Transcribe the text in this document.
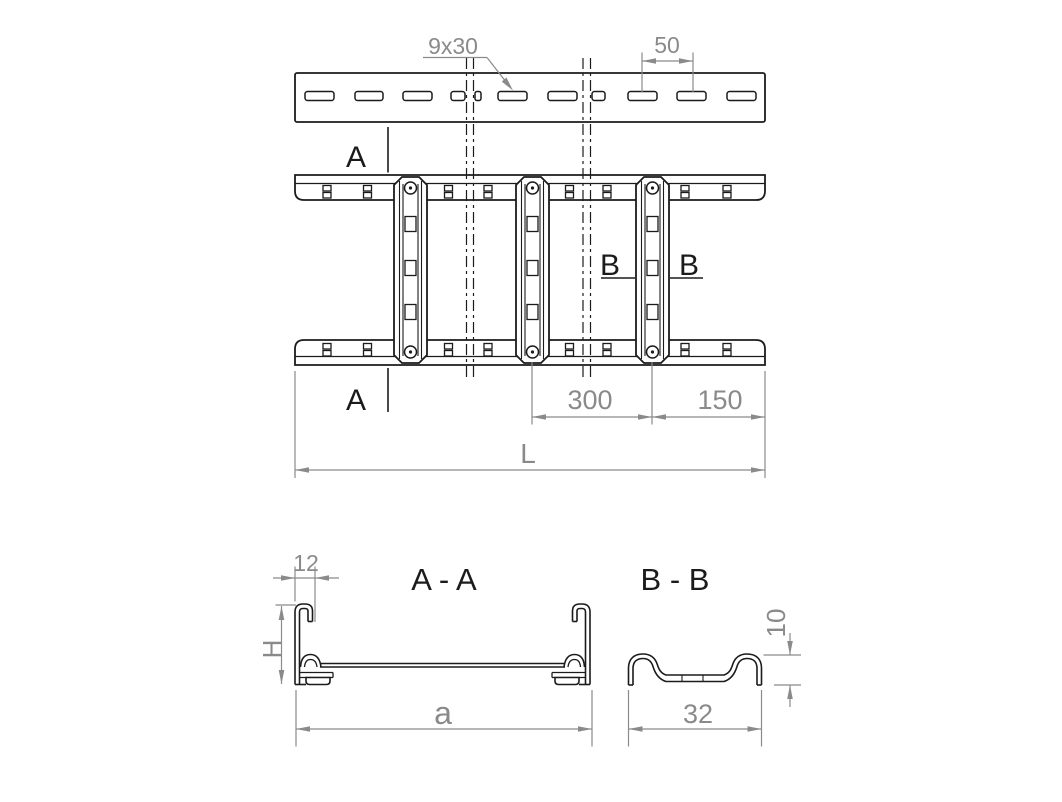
A
A
B B
9x30	50
300	150
L
A - A
12
H
a
B - B
10
32
